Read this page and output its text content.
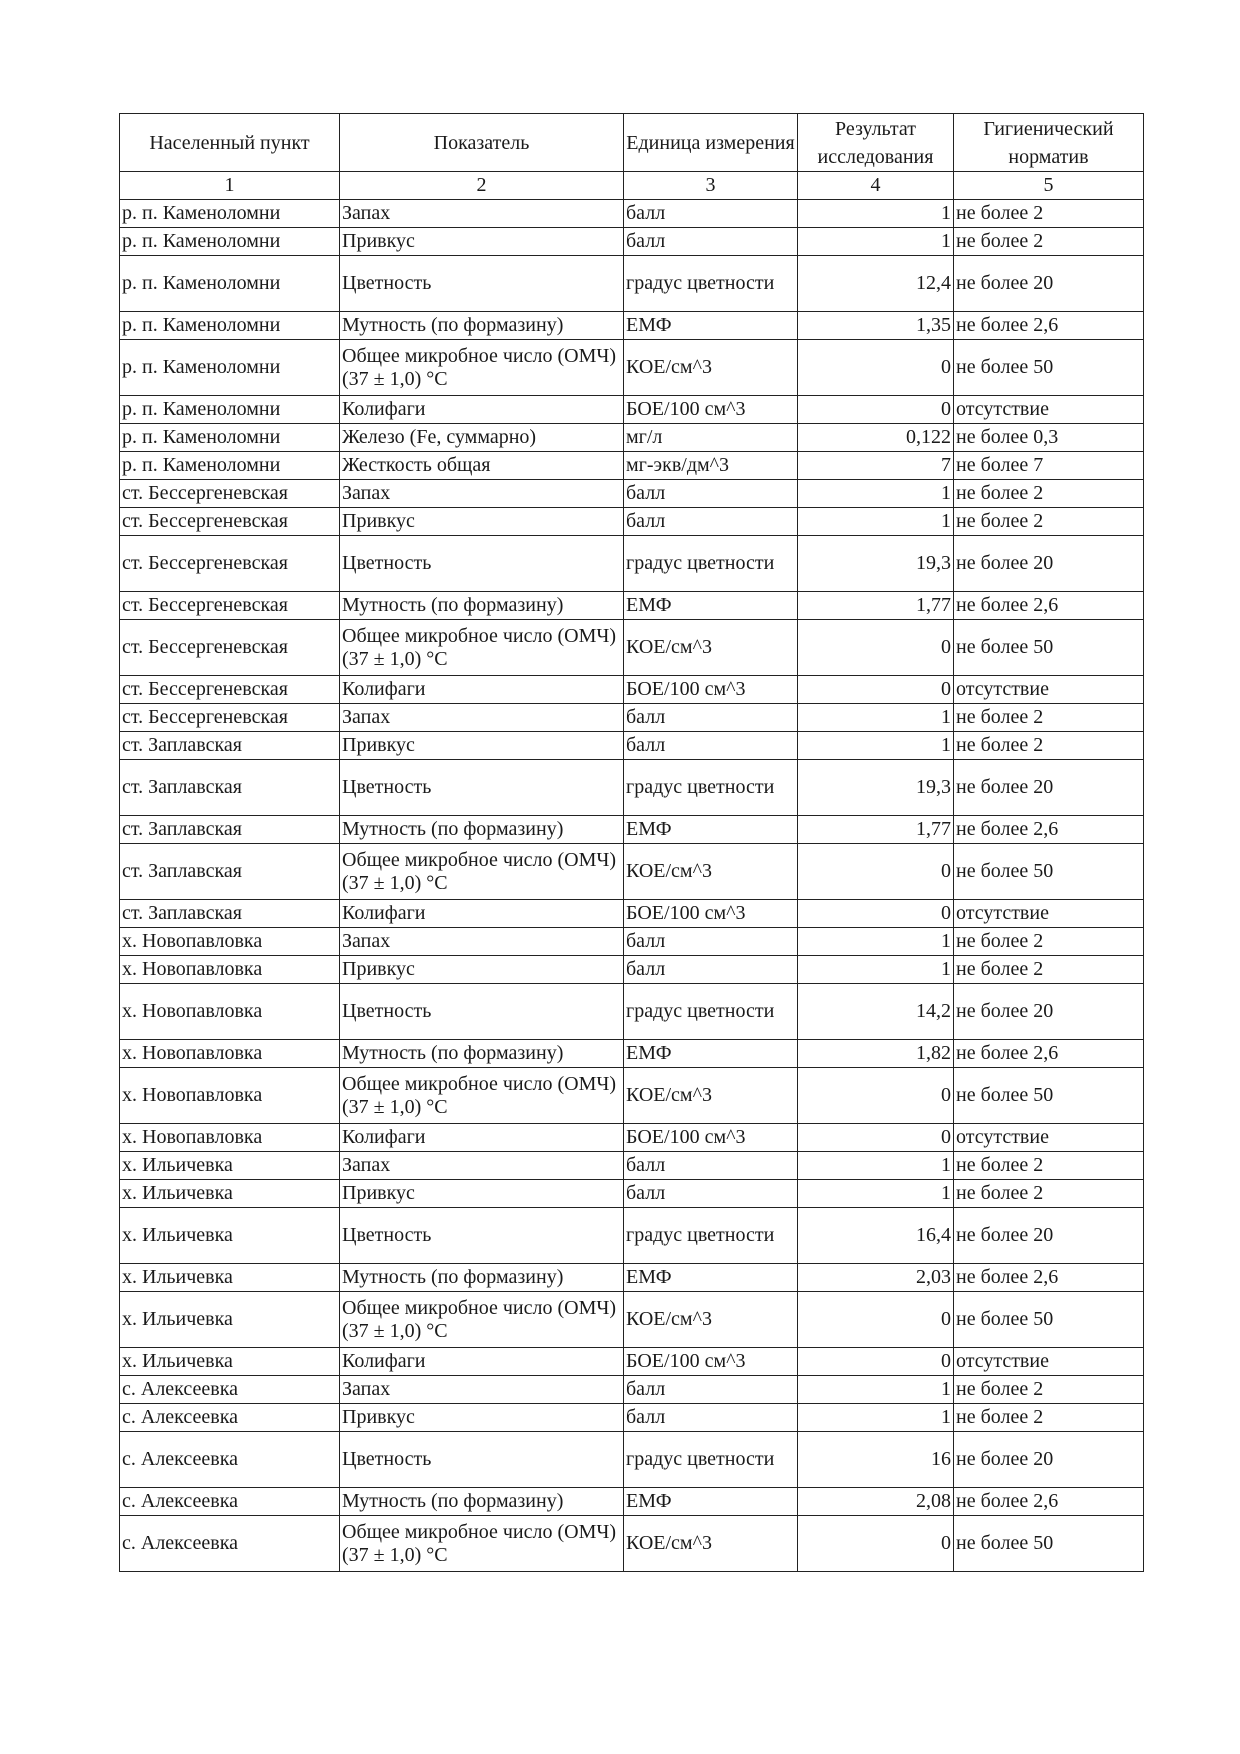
Населенный пункт	Показатель	Единица измерения	Результат исследования	Гигиенический норматив
1	2	3	4	5
р. п. Каменоломни	Запах	балл	1	не более 2
р. п. Каменоломни	Привкус	балл	1	не более 2
р. п. Каменоломни	Цветность	градус цветности	12,4	не более 20
р. п. Каменоломни	Мутность (по формазину)	ЕМФ	1,35	не более 2,6
р. п. Каменоломни	Общее микробное число (ОМЧ) (37 ± 1,0) °С	КОЕ/см^3	0	не более 50
р. п. Каменоломни	Колифаги	БОЕ/100 см^3	0	отсутствие
р. п. Каменоломни	Железо (Fe, суммарно)	мг/л	0,122	не более 0,3
р. п. Каменоломни	Жесткость общая	мг-экв/дм^3	7	не более 7
ст. Бессергеневская	Запах	балл	1	не более 2
ст. Бессергеневская	Привкус	балл	1	не более 2
ст. Бессергеневская	Цветность	градус цветности	19,3	не более 20
ст. Бессергеневская	Мутность (по формазину)	ЕМФ	1,77	не более 2,6
ст. Бессергеневская	Общее микробное число (ОМЧ) (37 ± 1,0) °С	КОЕ/см^3	0	не более 50
ст. Бессергеневская	Колифаги	БОЕ/100 см^3	0	отсутствие
ст. Бессергеневская	Запах	балл	1	не более 2
ст. Заплавская	Привкус	балл	1	не более 2
ст. Заплавская	Цветность	градус цветности	19,3	не более 20
ст. Заплавская	Мутность (по формазину)	ЕМФ	1,77	не более 2,6
ст. Заплавская	Общее микробное число (ОМЧ) (37 ± 1,0) °С	КОЕ/см^3	0	не более 50
ст. Заплавская	Колифаги	БОЕ/100 см^3	0	отсутствие
х. Новопавловка	Запах	балл	1	не более 2
х. Новопавловка	Привкус	балл	1	не более 2
х. Новопавловка	Цветность	градус цветности	14,2	не более 20
х. Новопавловка	Мутность (по формазину)	ЕМФ	1,82	не более 2,6
х. Новопавловка	Общее микробное число (ОМЧ) (37 ± 1,0) °С	КОЕ/см^3	0	не более 50
х. Новопавловка	Колифаги	БОЕ/100 см^3	0	отсутствие
х. Ильичевка	Запах	балл	1	не более 2
х. Ильичевка	Привкус	балл	1	не более 2
х. Ильичевка	Цветность	градус цветности	16,4	не более 20
х. Ильичевка	Мутность (по формазину)	ЕМФ	2,03	не более 2,6
х. Ильичевка	Общее микробное число (ОМЧ) (37 ± 1,0) °С	КОЕ/см^3	0	не более 50
х. Ильичевка	Колифаги	БОЕ/100 см^3	0	отсутствие
с. Алексеевка	Запах	балл	1	не более 2
с. Алексеевка	Привкус	балл	1	не более 2
с. Алексеевка	Цветность	градус цветности	16	не более 20
с. Алексеевка	Мутность (по формазину)	ЕМФ	2,08	не более 2,6
с. Алексеевка	Общее микробное число (ОМЧ) (37 ± 1,0) °С	КОЕ/см^3	0	не более 50
